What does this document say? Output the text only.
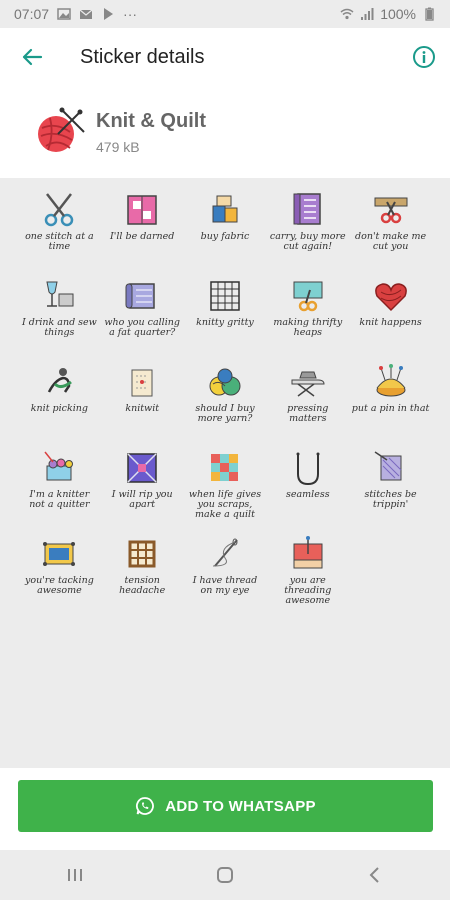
07:07	···	100%
Sticker details
Knit & Quilt
479 kB
one stitch at a time
I'll be darned	buy fabric	carry, buy more cut again!
don't make me cut you
I drink and sew things
who you calling a fat quarter?
knitty gritty	making thrifty heaps
knit happens
knit picking	knitwit	should I buy more yarn?
pressing matters
put a pin in that
I'm a knitter not a quitter
I will rip you apart
when life gives you scraps, make a quilt
seamless	stitches be trippin'
you're tacking awesome
tension headache
I have thread on my eye
you are threading awesome
ADD TO WHATSAPP
